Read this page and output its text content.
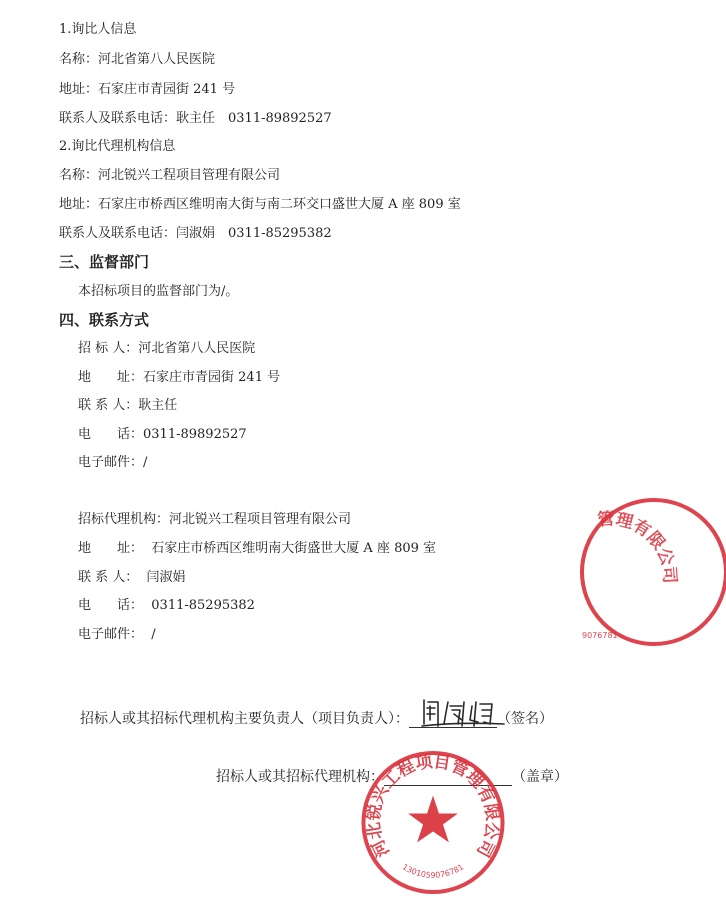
1.询比人信息
名称：河北省第八人民医院
地址：石家庄市青园街 241 号
联系人及联系电话：耿主任　0311-89892527
2.询比代理机构信息
名称：河北锐兴工程项目管理有限公司
地址：石家庄市桥西区维明南大街与南二环交口盛世大厦 A 座 809 室
联系人及联系电话：闫淑娟　0311-85295382
三、监督部门
本招标项目的监督部门为/。
四、联系方式
招 标 人：河北省第八人民医院
地　　址：石家庄市青园街 241 号
联 系 人：耿主任
电　　话：0311-89892527
电子邮件：/
招标代理机构：河北锐兴工程项目管理有限公司
地　　址： 石家庄市桥西区维明南大街盛世大厦 A 座 809 室
联 系 人： 闫淑娟
电　　话： 0311-85295382
电子邮件： /
招标人或其招标代理机构主要负责人（项目负责人）：	（签名）
招标人或其招标代理机构：	（盖章）
河北锐兴工程项目管理有限公司
1301059076781
管理有限公司
9076781
